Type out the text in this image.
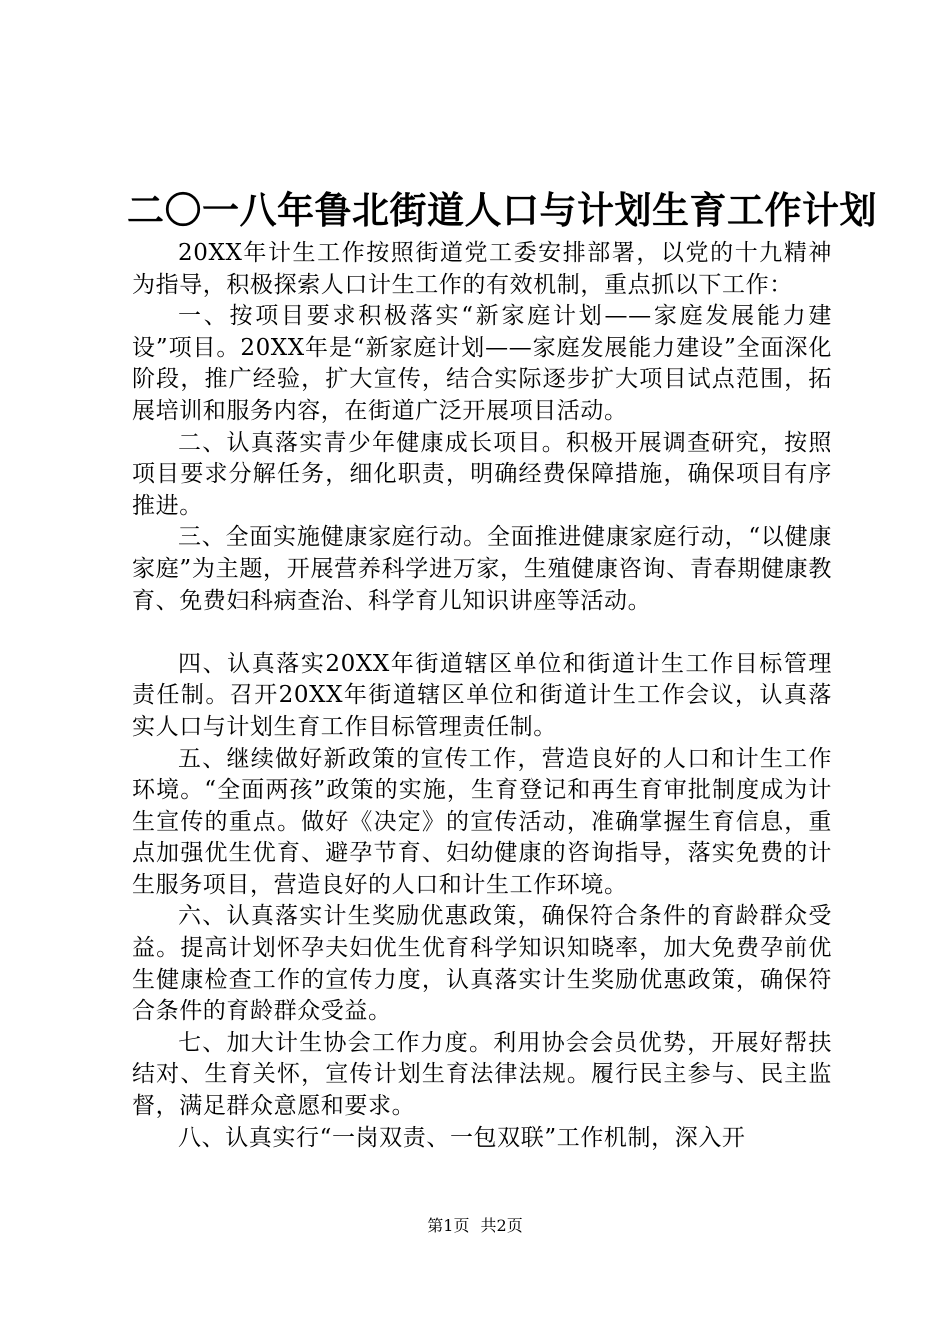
二〇一八年鲁北街道人口与计划生育工作计划

20XX年计生工作按照街道党工委安排部署，以党的十九精神为指导，积极探索人口计生工作的有效机制，重点抓以下工作：

一、按项目要求积极落实“新家庭计划——家庭发展能力建设”项目。20XX年是“新家庭计划——家庭发展能力建设”全面深化阶段，推广经验，扩大宣传，结合实际逐步扩大项目试点范围，拓展培训和服务内容，在街道广泛开展项目活动。

二、认真落实青少年健康成长项目。积极开展调查研究，按照项目要求分解任务，细化职责，明确经费保障措施，确保项目有序推进。

三、全面实施健康家庭行动。全面推进健康家庭行动，“以健康家庭”为主题，开展营养科学进万家，生殖健康咨询、青春期健康教育、免费妇科病查治、科学育儿知识讲座等活动。

四、认真落实20XX年街道辖区单位和街道计生工作目标管理责任制。召开20XX年街道辖区单位和街道计生工作会议，认真落实人口与计划生育工作目标管理责任制。

五、继续做好新政策的宣传工作，营造良好的人口和计生工作环境。“全面两孩”政策的实施，生育登记和再生育审批制度成为计生宣传的重点。做好《决定》的宣传活动，准确掌握生育信息，重点加强优生优育、避孕节育、妇幼健康的咨询指导，落实免费的计生服务项目，营造良好的人口和计生工作环境。

六、认真落实计生奖励优惠政策，确保符合条件的育龄群众受益。提高计划怀孕夫妇优生优育科学知识知晓率，加大免费孕前优生健康检查工作的宣传力度，认真落实计生奖励优惠政策，确保符合条件的育龄群众受益。

七、加大计生协会工作力度。利用协会会员优势，开展好帮扶结对、生育关怀，宣传计划生育法律法规。履行民主参与、民主监督，满足群众意愿和要求。

八、认真实行“一岗双责、一包双联”工作机制，深入开

第1页 共2页
